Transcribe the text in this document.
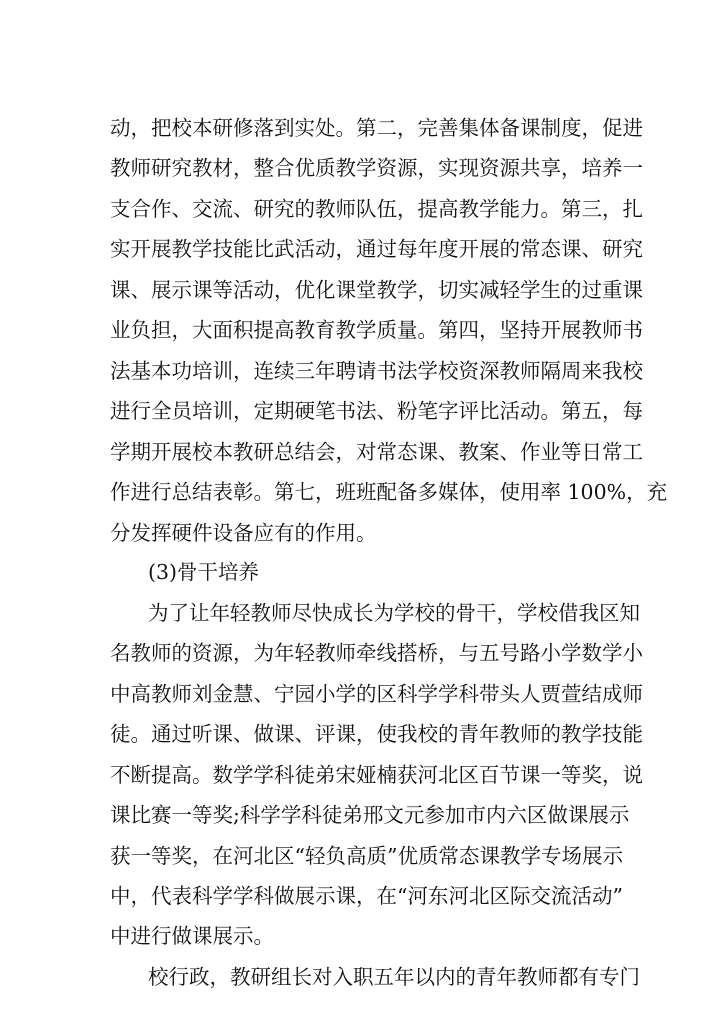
动，把校本研修落到实处。第二，完善集体备课制度，促进
教师研究教材，整合优质教学资源，实现资源共享，培养一
支合作、交流、研究的教师队伍，提高教学能力。第三，扎
实开展教学技能比武活动，通过每年度开展的常态课、研究
课、展示课等活动，优化课堂教学，切实减轻学生的过重课
业负担，大面积提高教育教学质量。第四，坚持开展教师书
法基本功培训，连续三年聘请书法学校资深教师隔周来我校
进行全员培训，定期硬笔书法、粉笔字评比活动。第五，每
学期开展校本教研总结会，对常态课、教案、作业等日常工
作进行总结表彰。第七，班班配备多媒体，使用率 100%，充
分发挥硬件设备应有的作用。
(3)骨干培养
为了让年轻教师尽快成长为学校的骨干，学校借我区知
名教师的资源，为年轻教师牵线搭桥，与五号路小学数学小
中高教师刘金慧、宁园小学的区科学学科带头人贾萱结成师
徒。通过听课、做课、评课，使我校的青年教师的教学技能
不断提高。数学学科徒弟宋娅楠获河北区百节课一等奖，说
课比赛一等奖;科学学科徒弟邢文元参加市内六区做课展示
获一等奖，在河北区“轻负高质”优质常态课教学专场展示
中，代表科学学科做展示课，在“河东河北区际交流活动”
中进行做课展示。
校行政，教研组长对入职五年以内的青年教师都有专门
